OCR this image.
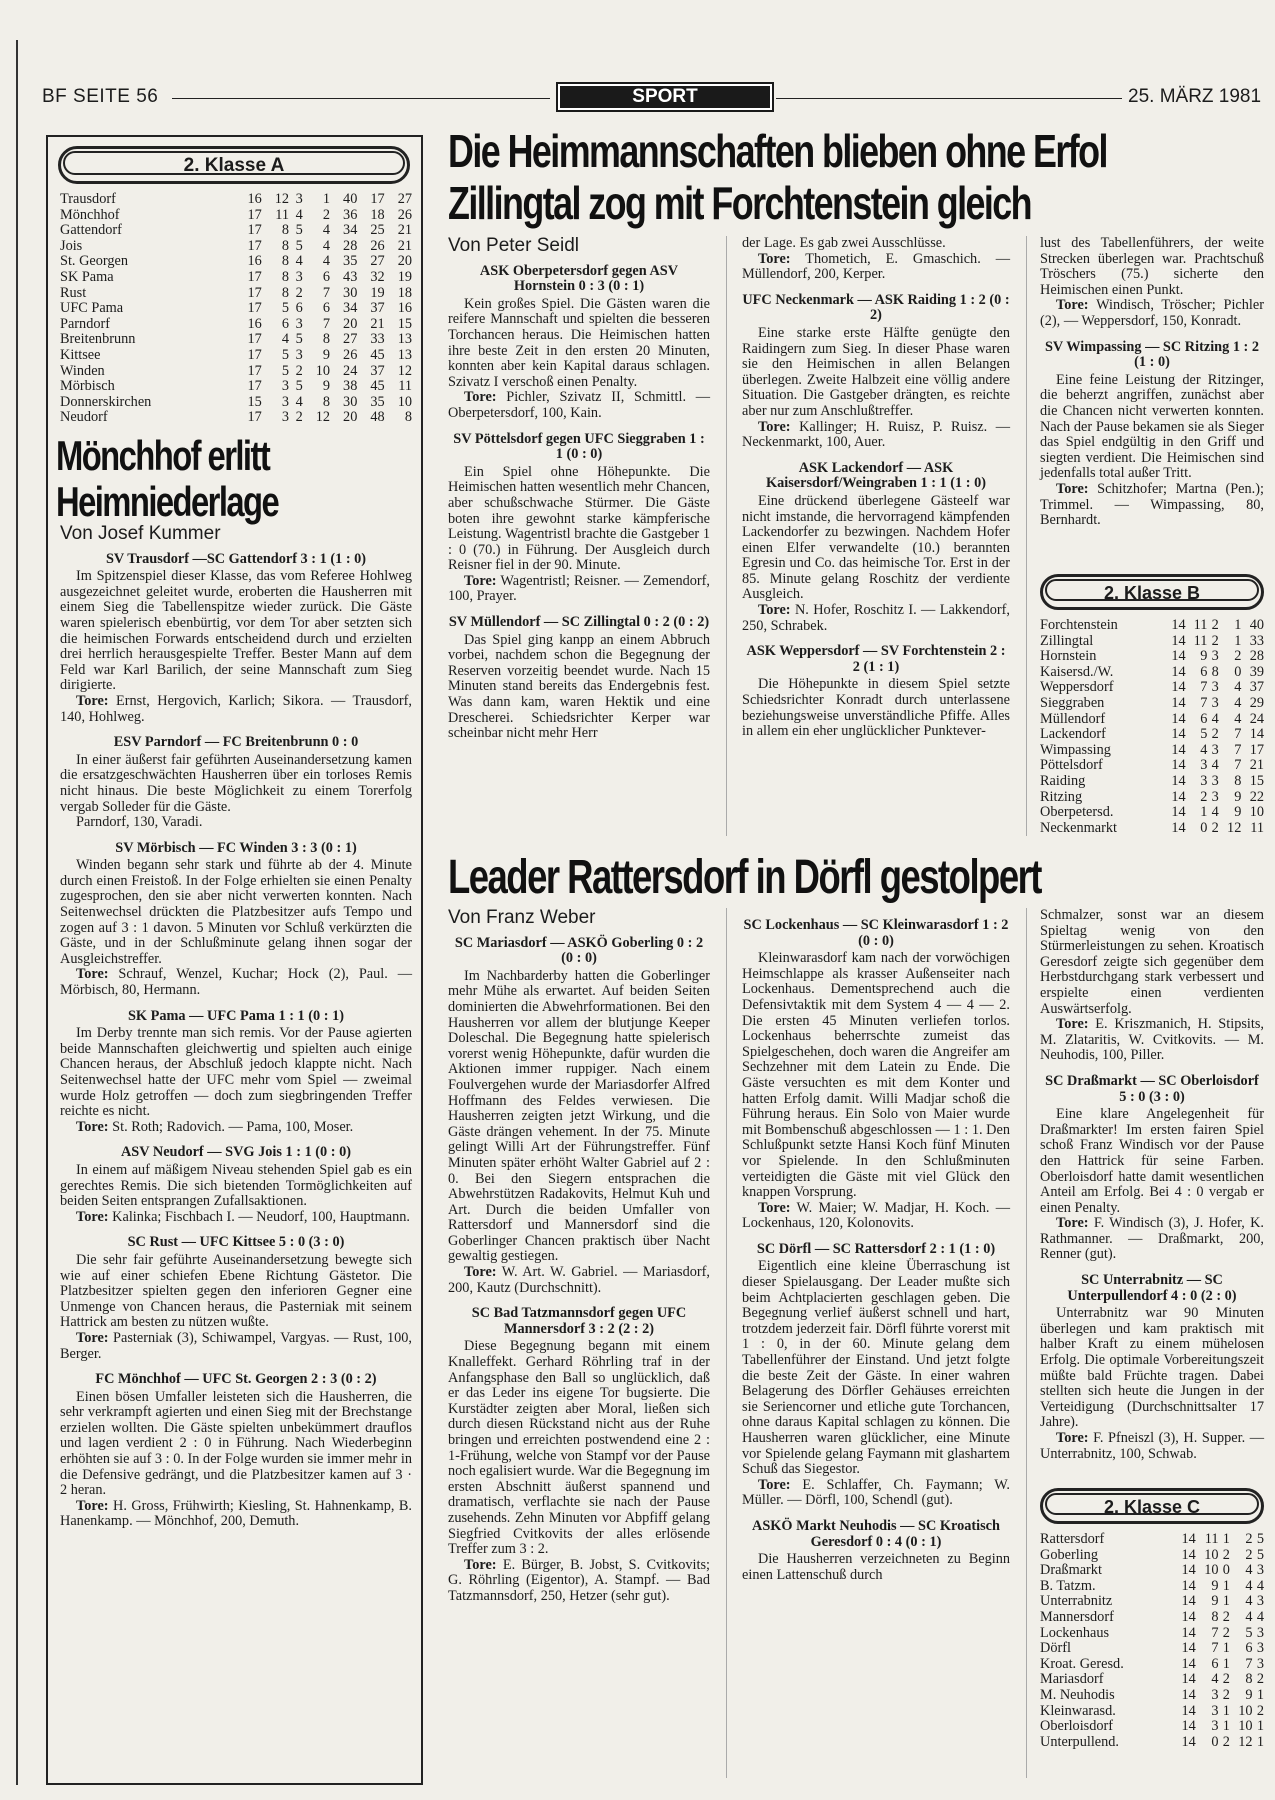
BF SEITE 56	SPORT	25. MÄRZ 1981
2. Klasse A
Trausdorf	16	12	3	1	40	17	27
Mönchhof	17	11	4	2	36	18	26
Gattendorf	17	8	5	4	34	25	21
Jois	17	8	5	4	28	26	21
St. Georgen	16	8	4	4	35	27	20
SK Pama	17	8	3	6	43	32	19
Rust	17	8	2	7	30	19	18
UFC Pama	17	5	6	6	34	37	16
Parndorf	16	6	3	7	20	21	15
Breitenbrunn	17	4	5	8	27	33	13
Kittsee	17	5	3	9	26	45	13
Winden	17	5	2	10	24	37	12
Mörbisch	17	3	5	9	38	45	11
Donnerskirchen	15	3	4	8	30	35	10
Neudorf	17	3	2	12	20	48	8
Mönchhof erlitt
Heimniederlage
Von Josef Kummer

SV Trausdorf —SC Gattendorf 3 : 1 (1 : 0)

Im Spitzenspiel dieser Klasse, das vom Referee Hohlweg ausgezeichnet geleitet wurde, eroberten die Hausherren mit einem Sieg die Tabellenspitze wieder zurück. Die Gäste waren spielerisch ebenbürtig, vor dem Tor aber setzten sich die heimischen Forwards entscheidend durch und erzielten drei herrlich herausgespielte Treffer. Bester Mann auf dem Feld war Karl Barilich, der seine Mannschaft zum Sieg dirigierte.

Tore: Ernst, Hergovich, Karlich; Sikora. — Trausdorf, 140, Hohlweg.

ESV Parndorf — FC Breitenbrunn 0 : 0

In einer äußerst fair geführten Auseinandersetzung kamen die ersatzgeschwächten Hausherren über ein torloses Remis nicht hinaus. Die beste Möglichkeit zu einem Torerfolg vergab Solleder für die Gäste.

Parndorf, 130, Varadi.

SV Mörbisch — FC Winden 3 : 3 (0 : 1)

Winden begann sehr stark und führte ab der 4. Minute durch einen Freistoß. In der Folge erhielten sie einen Penalty zugesprochen, den sie aber nicht verwerten konnten. Nach Seitenwechsel drückten die Platzbesitzer aufs Tempo und zogen auf 3 : 1 davon. 5 Minuten vor Schluß verkürzten die Gäste, und in der Schlußminute gelang ihnen sogar der Ausgleichstreffer.

Tore: Schrauf, Wenzel, Kuchar; Hock (2), Paul. — Mörbisch, 80, Hermann.

SK Pama — UFC Pama 1 : 1 (0 : 1)

Im Derby trennte man sich remis. Vor der Pause agierten beide Mannschaften gleichwertig und spielten auch einige Chancen heraus, der Abschluß jedoch klappte nicht. Nach Seitenwechsel hatte der UFC mehr vom Spiel — zweimal wurde Holz getroffen — doch zum siegbringenden Treffer reichte es nicht.

Tore: St. Roth; Radovich. — Pama, 100, Moser.

ASV Neudorf — SVG Jois 1 : 1 (0 : 0)

In einem auf mäßigem Niveau stehenden Spiel gab es ein gerechtes Remis. Die sich bietenden Tormöglichkeiten auf beiden Seiten entsprangen Zufallsaktionen.

Tore: Kalinka; Fischbach I. — Neudorf, 100, Hauptmann.

SC Rust — UFC Kittsee 5 : 0 (3 : 0)

Die sehr fair geführte Auseinandersetzung bewegte sich wie auf einer schiefen Ebene Richtung Gästetor. Die Platzbesitzer spielten gegen den inferioren Gegner eine Unmenge von Chancen heraus, die Pasterniak mit seinem Hattrick am besten zu nützen wußte.

Tore: Pasterniak (3), Schiwampel, Vargyas. — Rust, 100, Berger.

FC Mönchhof — UFC St. Georgen 2 : 3 (0 : 2)

Einen bösen Umfaller leisteten sich die Hausherren, die sehr verkrampft agierten und einen Sieg mit der Brechstange erzielen wollten. Die Gäste spielten unbekümmert drauflos und lagen verdient 2 : 0 in Führung. Nach Wiederbeginn erhöhten sie auf 3 : 0. In der Folge wurden sie immer mehr in die Defensive gedrängt, und die Platzbesitzer kamen auf 3 · 2 heran.

Tore: H. Gross, Frühwirth; Kiesling, St. Hahnenkamp, B. Hanenkamp. — Mönchhof, 200, Demuth.

Die Heimmannschaften blieben ohne Erfol
Zillingtal zog mit Forchtenstein gleich
Von Peter Seidl

ASK Oberpetersdorf gegen ASV Hornstein 0 : 3 (0 : 1)

Kein großes Spiel. Die Gästen waren die reifere Mannschaft und spielten die besseren Torchancen heraus. Die Heimischen hatten ihre beste Zeit in den ersten 20 Minuten, konnten aber kein Kapital daraus schlagen. Szivatz I verschoß einen Penalty.

Tore: Pichler, Szivatz II, Schmittl. — Oberpetersdorf, 100, Kain.

SV Pöttelsdorf gegen UFC Sieggraben 1 : 1 (0 : 0)

Ein Spiel ohne Höhepunkte. Die Heimischen hatten wesentlich mehr Chancen, aber schußschwache Stürmer. Die Gäste boten ihre gewohnt starke kämpferische Leistung. Wagentristl brachte die Gastgeber 1 : 0 (70.) in Führung. Der Ausgleich durch Reisner fiel in der 90. Minute.

Tore: Wagentristl; Reisner. — Zemendorf, 100, Prayer.

SV Müllendorf — SC Zillingtal 0 : 2 (0 : 2)

Das Spiel ging kanpp an einem Abbruch vorbei, nachdem schon die Begegnung der Reserven vorzeitig beendet wurde. Nach 15 Minuten stand bereits das Endergebnis fest. Was dann kam, waren Hektik und eine Drescherei. Schiedsrichter Kerper war scheinbar nicht mehr Herr

der Lage. Es gab zwei Ausschlüsse.

Tore: Thometich, E. Gmaschich. — Müllendorf, 200, Kerper.

UFC Neckenmark — ASK Raiding 1 : 2 (0 : 2)

Eine starke erste Hälfte genügte den Raidingern zum Sieg. In dieser Phase waren sie den Heimischen in allen Belangen überlegen. Zweite Halbzeit eine völlig andere Situation. Die Gastgeber drängten, es reichte aber nur zum Anschlußtreffer.

Tore: Kallinger; H. Ruisz, P. Ruisz. — Neckenmarkt, 100, Auer.

ASK Lackendorf — ASK Kaisersdorf/Weingraben 1 : 1 (1 : 0)

Eine drückend überlegene Gästeelf war nicht imstande, die hervorragend kämpfenden Lackendorfer zu bezwingen. Nachdem Hofer einen Elfer verwandelte (10.) berannten Egresin und Co. das heimische Tor. Erst in der 85. Minute gelang Roschitz der verdiente Ausgleich.

Tore: N. Hofer, Roschitz I. — Lakkendorf, 250, Schrabek.

ASK Weppersdorf — SV Forchtenstein 2 : 2 (1 : 1)

Die Höhepunkte in diesem Spiel setzte Schiedsrichter Konradt durch unterlassene beziehungsweise unverständliche Pfiffe. Alles in allem ein eher unglücklicher Punktever-

lust des Tabellenführers, der weite Strecken überlegen war. Prachtschuß Tröschers (75.) sicherte den Heimischen einen Punkt.

Tore: Windisch, Tröscher; Pichler (2), — Weppersdorf, 150, Konradt.

SV Wimpassing — SC Ritzing 1 : 2 (1 : 0)

Eine feine Leistung der Ritzinger, die beherzt angriffen, zunächst aber die Chancen nicht verwerten konnten. Nach der Pause bekamen sie als Sieger das Spiel endgültig in den Griff und siegten verdient. Die Heimischen sind jedenfalls total außer Tritt.

Tore: Schitzhofer; Martna (Pen.); Trimmel. — Wimpassing, 80, Bernhardt.

2. Klasse B
Forchtenstein	14	11	2	1	40
Zillingtal	14	11	2	1	33
Hornstein	14	9	3	2	28
Kaisersd./W.	14	6	8	0	39
Weppersdorf	14	7	3	4	37
Sieggraben	14	7	3	4	29
Müllendorf	14	6	4	4	24
Lackendorf	14	5	2	7	14
Wimpassing	14	4	3	7	17
Pöttelsdorf	14	3	4	7	21
Raiding	14	3	3	8	15
Ritzing	14	2	3	9	22
Oberpetersd.	14	1	4	9	10
Neckenmarkt	14	0	2	12	11
Leader Rattersdorf in Dörfl gestolpert
Von Franz Weber

SC Mariasdorf — ASKÖ Goberling 0 : 2 (0 : 0)

Im Nachbarderby hatten die Goberlinger mehr Mühe als erwartet. Auf beiden Seiten dominierten die Abwehrformationen. Bei den Hausherren vor allem der blutjunge Keeper Doleschal. Die Begegnung hatte spielerisch vorerst wenig Höhepunkte, dafür wurden die Aktionen immer ruppiger. Nach einem Foulvergehen wurde der Mariasdorfer Alfred Hoffmann des Feldes verwiesen. Die Hausherren zeigten jetzt Wirkung, und die Gäste drängen vehement. In der 75. Minute gelingt Willi Art der Führungstreffer. Fünf Minuten später erhöht Walter Gabriel auf 2 : 0. Bei den Siegern entsprachen die Abwehrstützen Radakovits, Helmut Kuh und Art. Durch die beiden Umfaller von Rattersdorf und Mannersdorf sind die Goberlinger Chancen praktisch über Nacht gewaltig gestiegen.

Tore: W. Art. W. Gabriel. — Mariasdorf, 200, Kautz (Durchschnitt).

SC Bad Tatzmannsdorf gegen UFC Mannersdorf 3 : 2 (2 : 2)

Diese Begegnung begann mit einem Knalleffekt. Gerhard Röhrling traf in der Anfangsphase den Ball so unglücklich, daß er das Leder ins eigene Tor bugsierte. Die Kurstädter zeigten aber Moral, ließen sich durch diesen Rückstand nicht aus der Ruhe bringen und erreichten postwendend eine 2 : 1-Frühung, welche von Stampf vor der Pause noch egalisiert wurde. War die Begegnung im ersten Abschnitt äußerst spannend und dramatisch, verflachte sie nach der Pause zusehends. Zehn Minuten vor Abpfiff gelang Siegfried Cvitkovits der alles erlösende Treffer zum 3 : 2.

Tore: E. Bürger, B. Jobst, S. Cvitkovits; G. Röhrling (Eigentor), A. Stampf. — Bad Tatzmannsdorf, 250, Hetzer (sehr gut).

SC Lockenhaus — SC Kleinwarasdorf 1 : 2 (0 : 0)

Kleinwarasdorf kam nach der vorwöchigen Heimschlappe als krasser Außenseiter nach Lockenhaus. Dementsprechend auch die Defensivtaktik mit dem System 4 — 4 — 2. Die ersten 45 Minuten verliefen torlos. Lockenhaus beherrschte zumeist das Spielgeschehen, doch waren die Angreifer am Sechzehner mit dem Latein zu Ende. Die Gäste versuchten es mit dem Konter und hatten Erfolg damit. Willi Madjar schoß die Führung heraus. Ein Solo von Maier wurde mit Bombenschuß abgeschlossen — 1 : 1. Den Schlußpunkt setzte Hansi Koch fünf Minuten vor Spielende. In den Schlußminuten verteidigten die Gäste mit viel Glück den knappen Vorsprung.

Tore: W. Maier; W. Madjar, H. Koch. — Lockenhaus, 120, Kolonovits.

SC Dörfl — SC Rattersdorf 2 : 1 (1 : 0)

Eigentlich eine kleine Überraschung ist dieser Spielausgang. Der Leader mußte sich beim Achtplacierten geschlagen geben. Die Begegnung verlief äußerst schnell und hart, trotzdem jederzeit fair. Dörfl führte vorerst mit 1 : 0, in der 60. Minute gelang dem Tabellenführer der Einstand. Und jetzt folgte die beste Zeit der Gäste. In einer wahren Belagerung des Dörfler Gehäuses erreichten sie Seriencorner und etliche gute Torchancen, ohne daraus Kapital schlagen zu können. Die Hausherren waren glücklicher, eine Minute vor Spielende gelang Faymann mit glashartem Schuß das Siegestor.

Tore: E. Schlaffer, Ch. Faymann; W. Müller. — Dörfl, 100, Schendl (gut).

ASKÖ Markt Neuhodis — SC Kroatisch Geresdorf 0 : 4 (0 : 1)

Die Hausherren verzeichneten zu Beginn einen Lattenschuß durch

Schmalzer, sonst war an diesem Spieltag wenig von den Stürmerleistungen zu sehen. Kroatisch Geresdorf zeigte sich gegenüber dem Herbstdurchgang stark verbessert und erspielte einen verdienten Auswärtserfolg.

Tore: E. Kriszmanich, H. Stipsits, M. Zlataritis, W. Cvitkovits. — M. Neuhodis, 100, Piller.

SC Draßmarkt — SC Oberloisdorf 5 : 0 (3 : 0)

Eine klare Angelegenheit für Draßmarkter! Im ersten fairen Spiel schoß Franz Windisch vor der Pause den Hattrick für seine Farben. Oberloisdorf hatte damit wesentlichen Anteil am Erfolg. Bei 4 : 0 vergab er einen Penalty.

Tore: F. Windisch (3), J. Hofer, K. Rathmanner. — Draßmarkt, 200, Renner (gut).

SC Unterrabnitz — SC Unterpullendorf 4 : 0 (2 : 0)

Unterrabnitz war 90 Minuten überlegen und kam praktisch mit halber Kraft zu einem mühelosen Erfolg. Die optimale Vorbereitungszeit müßte bald Früchte tragen. Dabei stellten sich heute die Jungen in der Verteidigung (Durchschnittsalter 17 Jahre).

Tore: F. Pfneiszl (3), H. Supper. — Unterrabnitz, 100, Schwab.

2. Klasse C
Rattersdorf	14	11	1	2	5
Goberling	14	10	2	2	5
Draßmarkt	14	10	0	4	3
B. Tatzm.	14	9	1	4	4
Unterrabnitz	14	9	1	4	3
Mannersdorf	14	8	2	4	4
Lockenhaus	14	7	2	5	3
Dörfl	14	7	1	6	3
Kroat. Geresd.	14	6	1	7	3
Mariasdorf	14	4	2	8	2
M. Neuhodis	14	3	2	9	1
Kleinwarasd.	14	3	1	10	2
Oberloisdorf	14	3	1	10	1
Unterpullend.	14	0	2	12	1
